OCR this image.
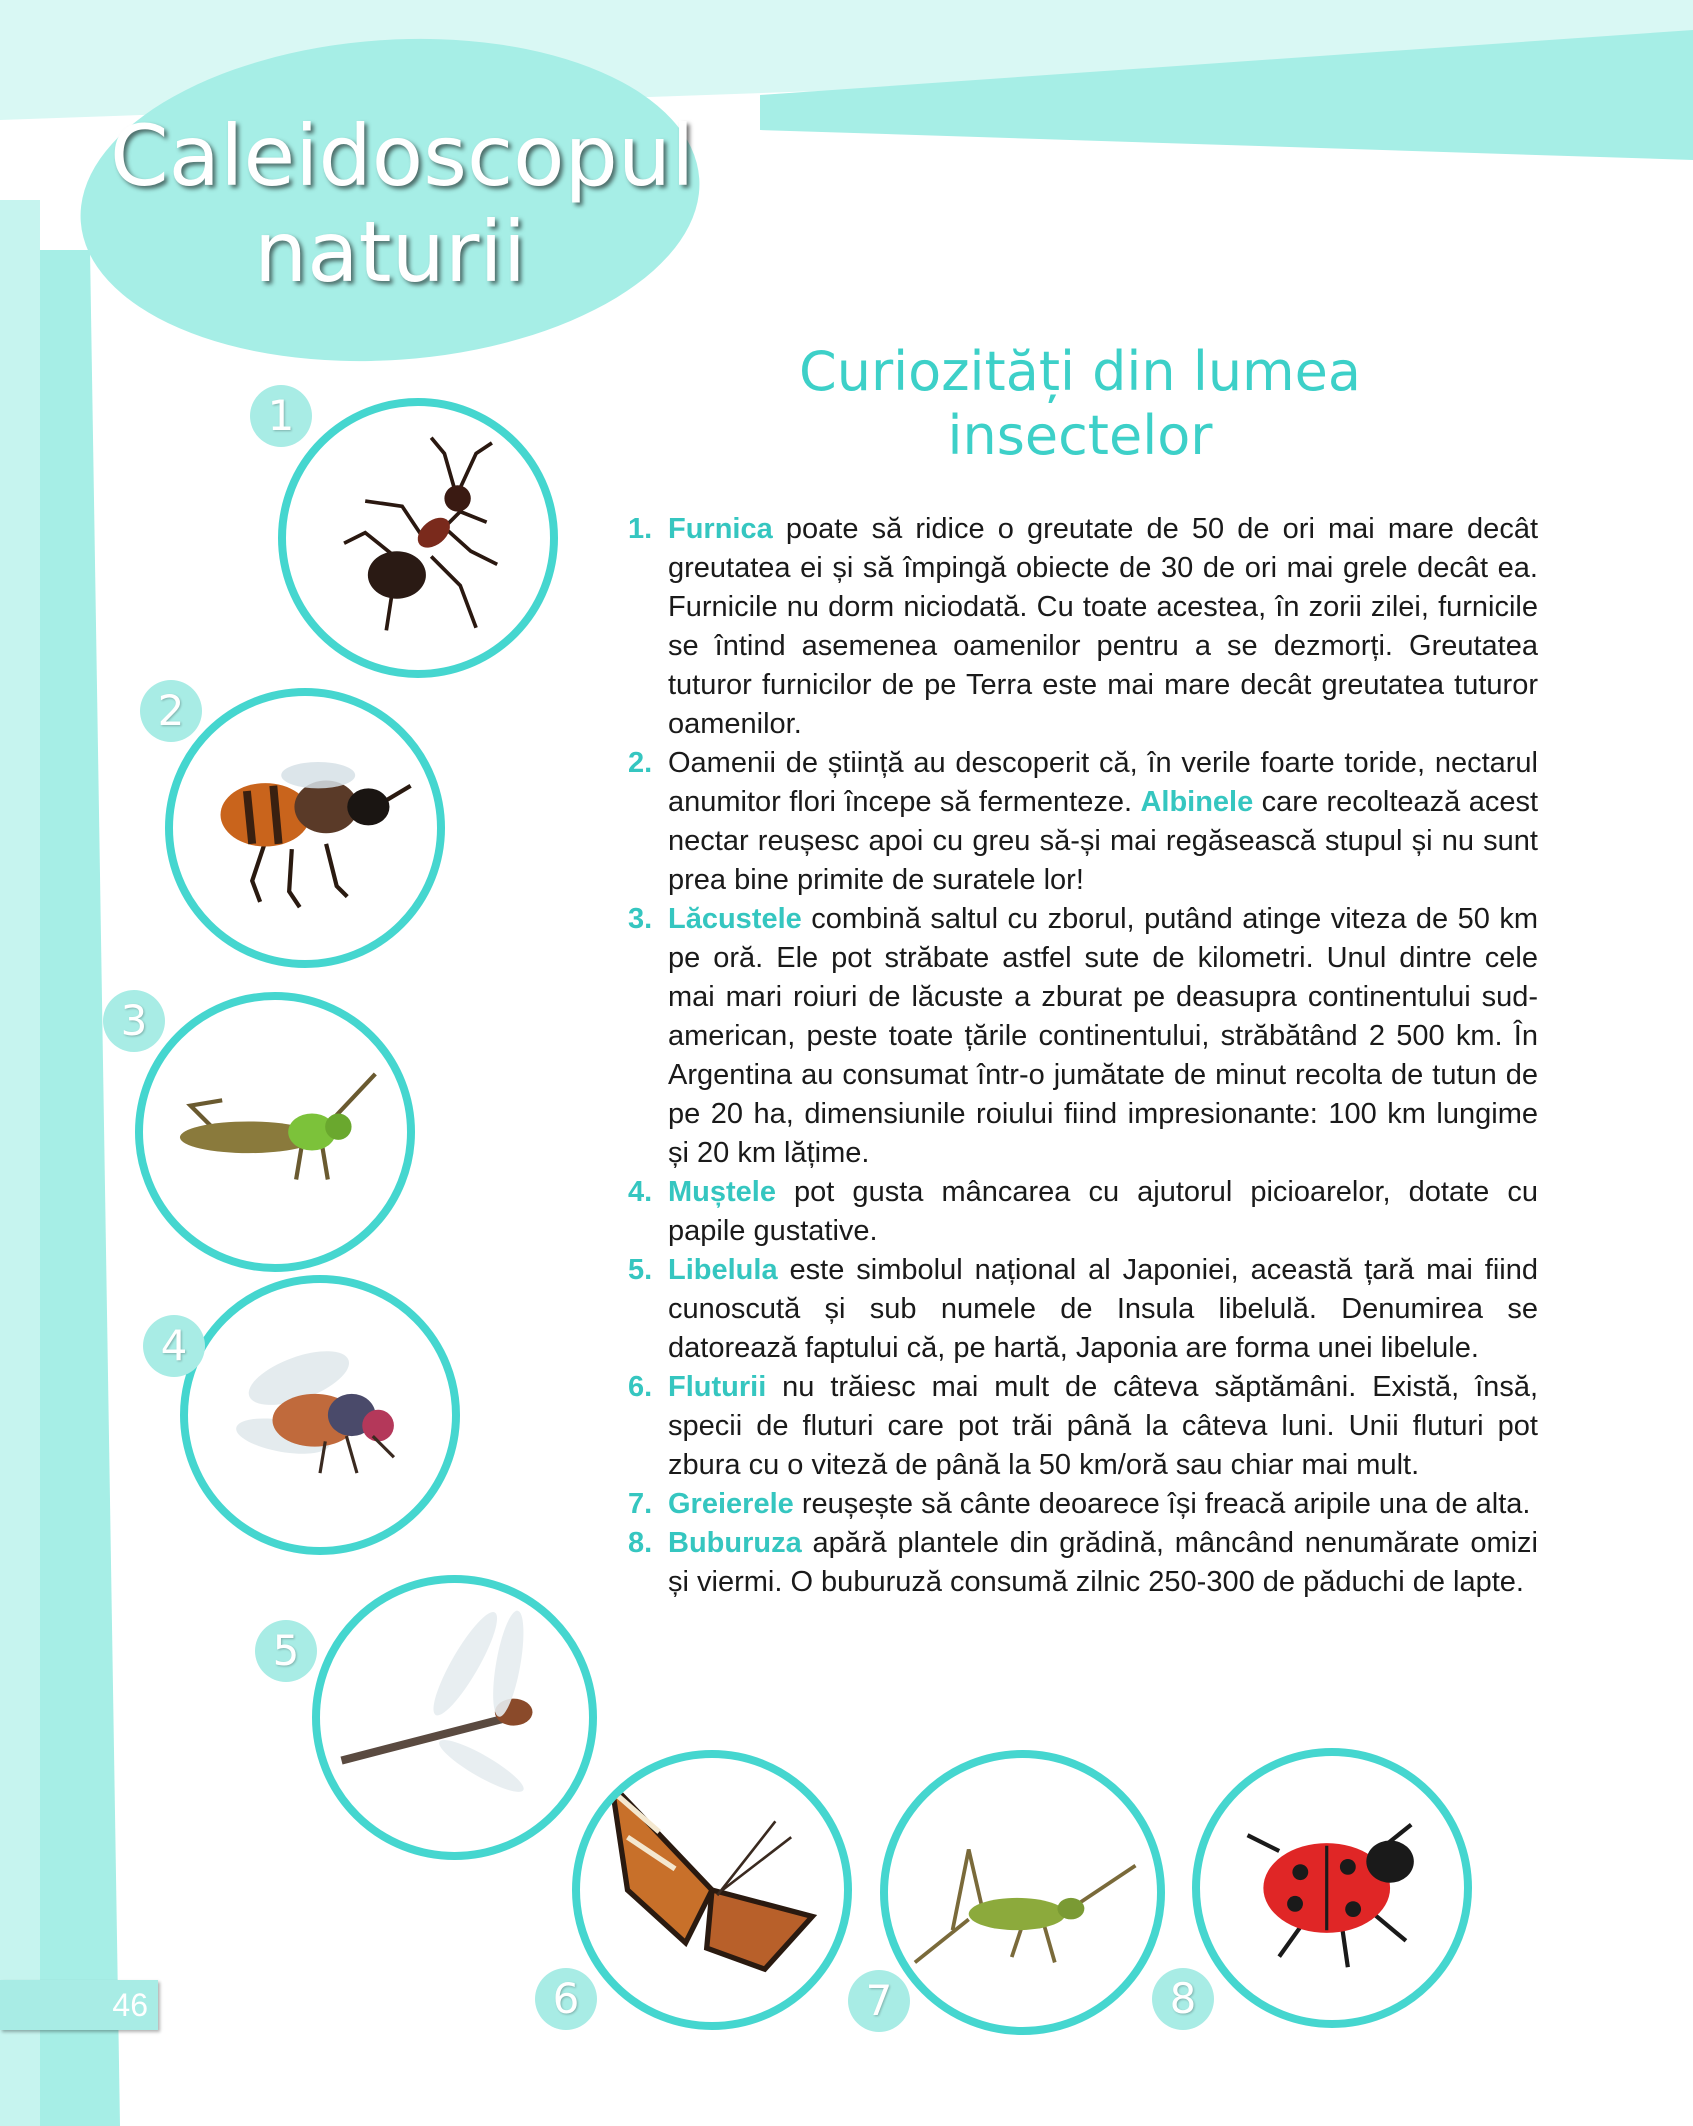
Caleidoscopul
naturii
Curiozități din lumea
insectelor
1. Furnica poate să ridice o greutate de 50 de ori mai mare decât greutatea ei și să împingă obiecte de 30 de ori mai grele decât ea. Furnicile nu dorm niciodată. Cu toate acestea, în zorii zilei, furnicile se întind asemenea oamenilor pentru a se dezmorți. Greutatea tuturor furnicilor de pe Terra este mai mare decât greutatea tuturor oamenilor.
2. Oamenii de știință au descoperit că, în verile foarte toride, nectarul anumitor flori începe să fermenteze. Albinele care recoltează acest nectar reușesc apoi cu greu să-și mai regăsească stupul și nu sunt prea bine primite de suratele lor!
3. Lăcustele combină saltul cu zborul, putând atinge viteza de 50 km pe oră. Ele pot străbate astfel sute de kilometri. Unul dintre cele mai mari roiuri de lăcuste a zburat pe deasupra continentului sud-american, peste toate țările continentului, străbătând 2 500 km. În Argentina au consumat într-o jumătate de minut recolta de tutun de pe 20 ha, dimensiunile roiului fiind impresionante: 100 km lungime și 20 km lățime.
4. Muștele pot gusta mâncarea cu ajutorul picioarelor, dotate cu papile gustative.
5. Libelula este simbolul național al Japoniei, această țară mai fiind cunoscută și sub numele de Insula libelulă. Denumirea se datorează faptului că, pe hartă, Japonia are forma unei libelule.
6. Fluturii nu trăiesc mai mult de câteva săptămâni. Există, însă, specii de fluturi care pot trăi până la câteva luni. Unii fluturi pot zbura cu o viteză de până la 50 km/oră sau chiar mai mult.
7. Greierele reușește să cânte deoarece își freacă aripile una de alta.
8. Buburuza apără plantele din grădină, mâncând nenumărate omizi și viermi. O buburuză consumă zilnic 250-300 de păduchi de lapte.
1
2
3
4
5
6	7	8
46
